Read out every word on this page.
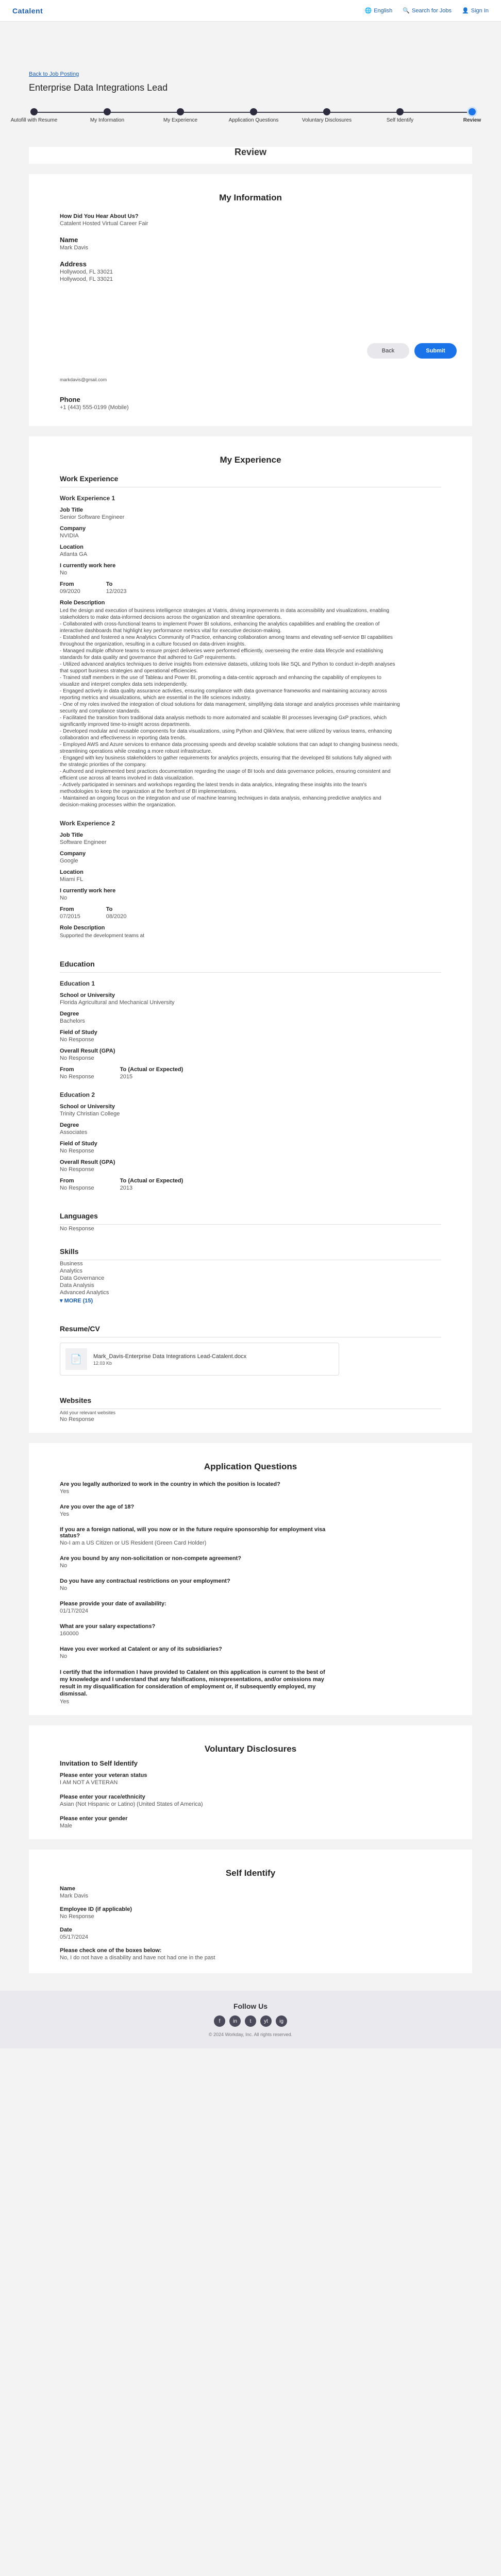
Catalent	🌐 English 🔍 Search for Jobs 👤 Sign In
Back to Job Posting
Enterprise Data Integrations Lead
Autofill with Resume	My Information	My Experience	Application Questions	Voluntary Disclosures	Self Identify	Review
Review
My Information
How Did You Hear About Us?
Catalent Hosted Virtual Career Fair
Name
Mark Davis
Address
Hollywood, FL 33021
Hollywood, FL 33021
Back	Submit
markdavis@gmail.com
Phone
+1 (443) 555-0199 (Mobile)
My Experience
Work Experience
Work Experience 1
Job Title
Senior Software Engineer
Company
NVIDIA
Location
Atlanta GA
I currently work here
No
From
09/2020
To
12/2023
Role Description
Led the design and execution of business intelligence strategies at Viatris, driving improvements in data accessibility and visualizations, enabling stakeholders to make data-informed decisions across the organization and streamline operations.
- Collaborated with cross-functional teams to implement Power BI solutions, enhancing the analytics capabilities and enabling the creation of interactive dashboards that highlight key performance metrics vital for executive decision-making.
- Established and fostered a new Analytics Community of Practice, enhancing collaboration among teams and elevating self-service BI capabilities throughout the organization, resulting in a culture focused on data-driven insights.
- Managed multiple offshore teams to ensure project deliveries were performed efficiently, overseeing the entire data lifecycle and establishing standards for data quality and governance that adhered to GxP requirements.
- Utilized advanced analytics techniques to derive insights from extensive datasets, utilizing tools like SQL and Python to conduct in-depth analyses that support business strategies and operational efficiencies.
- Trained staff members in the use of Tableau and Power BI, promoting a data-centric approach and enhancing the capability of employees to visualize and interpret complex data sets independently.
- Engaged actively in data quality assurance activities, ensuring compliance with data governance frameworks and maintaining accuracy across reporting metrics and visualizations, which are essential in the life sciences industry.
- One of my roles involved the integration of cloud solutions for data management, simplifying data storage and analytics processes while maintaining security and compliance standards.
- Facilitated the transition from traditional data analysis methods to more automated and scalable BI processes leveraging GxP practices, which significantly improved time-to-insight across departments.
- Developed modular and reusable components for data visualizations, using Python and QlikView, that were utilized by various teams, enhancing collaboration and effectiveness in reporting data trends.
- Employed AWS and Azure services to enhance data processing speeds and develop scalable solutions that can adapt to changing business needs, streamlining operations while creating a more robust infrastructure.
- Engaged with key business stakeholders to gather requirements for analytics projects, ensuring that the developed BI solutions fully aligned with the strategic priorities of the company.
- Authored and implemented best practices documentation regarding the usage of BI tools and data governance policies, ensuring consistent and efficient use across all teams involved in data visualization.
- Actively participated in seminars and workshops regarding the latest trends in data analytics, integrating these insights into the team's methodologies to keep the organization at the forefront of BI implementations.
- Maintained an ongoing focus on the integration and use of machine learning techniques in data analysis, enhancing predictive analytics and decision-making processes within the organization.
Work Experience 2
Job Title
Software Engineer
Company
Google
Location
Miami FL
I currently work here
No
From
07/2015
To
08/2020
Role Description
Supported the development teams at
Education
Education 1
School or University
Florida Agricultural and Mechanical University
Degree
Bachelors
Field of Study
No Response
Overall Result (GPA)
No Response
From
No Response
To (Actual or Expected)
2015
Education 2
School or University
Trinity Christian College
Degree
Associates
Field of Study
No Response
Overall Result (GPA)
No Response
From
No Response
To (Actual or Expected)
2013
Languages
No Response
Skills
Business
Analytics
Data Governance
Data Analysis
Advanced Analytics
▾ MORE (15)
Resume/CV
📄	Mark_Davis-Enterprise Data Integrations Lead-Catalent.docx
12.03 Kb
Websites
Add your relevant websites
No Response
Application Questions
Are you legally authorized to work in the country in which the position is located?
Yes
Are you over the age of 18?
Yes
If you are a foreign national, will you now or in the future require sponsorship for employment visa status?
No-I am a US Citizen or US Resident (Green Card Holder)
Are you bound by any non-solicitation or non-compete agreement?
No
Do you have any contractual restrictions on your employment?
No
Please provide your date of availability:
01/17/2024
What are your salary expectations?
160000
Have you ever worked at Catalent or any of its subsidiaries?
No
I certify that the information I have provided to Catalent on this application is current to the best of my knowledge and I understand that any falsifications, misrepresentations, and/or omissions may result in my disqualification for consideration of employment or, if subsequently employed, my dismissal.
Yes
Voluntary Disclosures
Invitation to Self Identify
Please enter your veteran status
I AM NOT A VETERAN
Please enter your race/ethnicity
Asian (Not Hispanic or Latino) (United States of America)
Please enter your gender
Male
Self Identify
Name
Mark Davis
Employee ID (if applicable)
No Response
Date
05/17/2024
Please check one of the boxes below:
No, I do not have a disability and have not had one in the past
Follow Us
f	in	t	yt	ig
© 2024 Workday, Inc. All rights reserved.
